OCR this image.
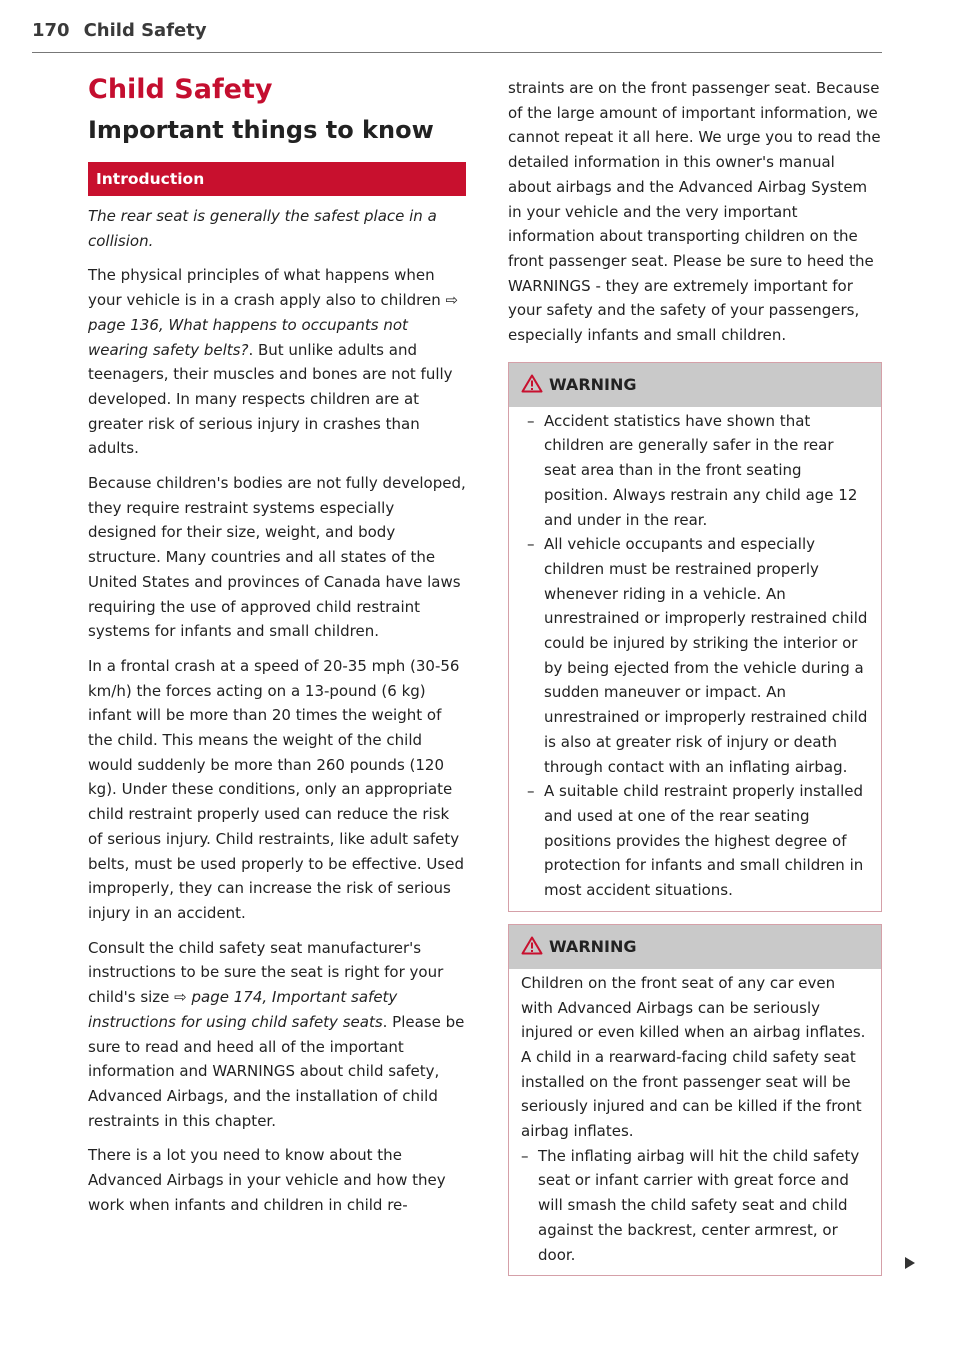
170 Child Safety
Child Safety
Important things to know
Introduction

The rear seat is generally the safest place in a collision.

The physical principles of what happens when your vehicle is in a crash apply also to children ⇨ page 136, What happens to occupants not wearing safety belts?. But unlike adults and teenagers, their muscles and bones are not fully developed. In many respects children are at greater risk of serious injury in crashes than adults.

Because children's bodies are not fully developed, they require restraint systems especially designed for their size, weight, and body structure. Many countries and all states of the United States and provinces of Canada have laws requiring the use of approved child restraint systems for infants and small children.

In a frontal crash at a speed of 20-35 mph (30-56 km/h) the forces acting on a 13-pound (6 kg) infant will be more than 20 times the weight of the child. This means the weight of the child would suddenly be more than 260 pounds (120 kg). Under these conditions, only an appropriate child restraint properly used can reduce the risk of serious injury. Child restraints, like adult safety belts, must be used properly to be effective. Used improperly, they can increase the risk of serious injury in an accident.

Consult the child safety seat manufacturer's instructions to be sure the seat is right for your child's size ⇨ page 174, Important safety instructions for using child safety seats. Please be sure to read and heed all of the important information and WARNINGS about child safety, Advanced Airbags, and the installation of child restraints in this chapter.

There is a lot you need to know about the Advanced Airbags in your vehicle and how they work when infants and children in child re-

straints are on the front passenger seat. Because of the large amount of important information, we cannot repeat it all here. We urge you to read the detailed information in this owner's manual about airbags and the Advanced Airbag System in your vehicle and the very important information about transporting children on the front passenger seat. Please be sure to heed the WARNINGS - they are extremely important for your safety and the safety of your passengers, especially infants and small children.

WARNING
– Accident statistics have shown that children are generally safer in the rear seat area than in the front seating position. Always restrain any child age 12 and under in the rear.
– All vehicle occupants and especially children must be restrained properly whenever riding in a vehicle. An unrestrained or improperly restrained child could be injured by striking the interior or by being ejected from the vehicle during a sudden maneuver or impact. An unrestrained or improperly restrained child is also at greater risk of injury or death through contact with an inflating airbag.
– A suitable child restraint properly installed and used at one of the rear seating positions provides the highest degree of protection for infants and small children in most accident situations.
WARNING

Children on the front seat of any car even with Advanced Airbags can be seriously injured or even killed when an airbag inflates. A child in a rearward-facing child safety seat installed on the front passenger seat will be seriously injured and can be killed if the front airbag inflates.

– The inflating airbag will hit the child safety seat or infant carrier with great force and will smash the child safety seat and child against the backrest, center armrest, or door.
